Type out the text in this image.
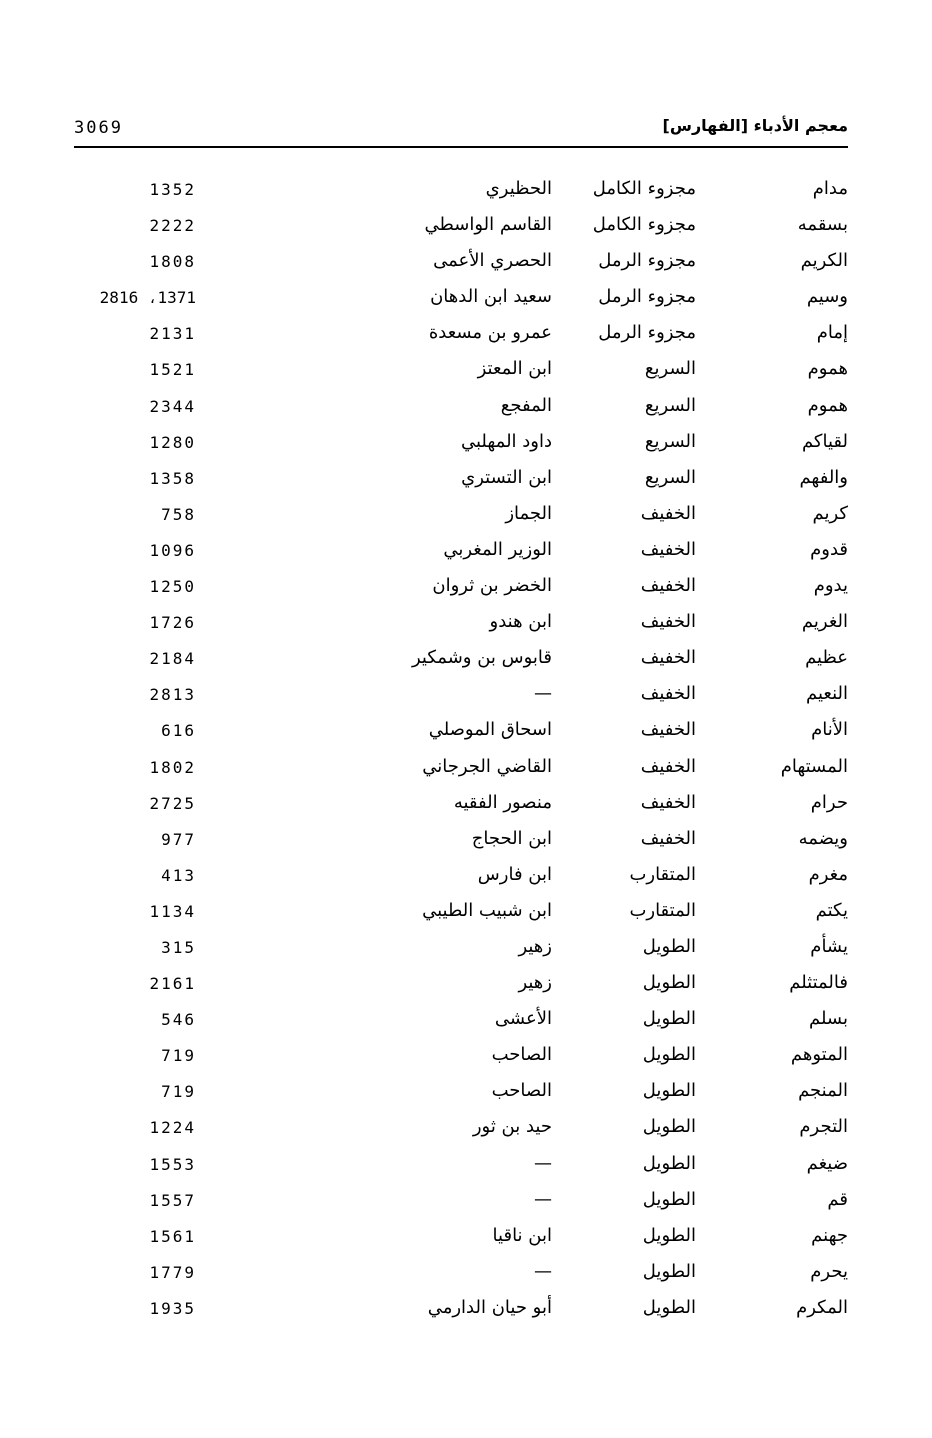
3069	معجم الأدباء [الفهارس]
مدام
مجزوء الكامل
الحظيري
1352
بسقمه
مجزوء الكامل
القاسم الواسطي
2222
الكريم
مجزوء الرمل
الحصري الأعمى
1808
وسيم
مجزوء الرمل
سعيد ابن الدهان
2816 ،1371
إمام
مجزوء الرمل
عمرو بن مسعدة
2131
هموم
السريع
ابن المعتز
1521
هموم
السريع
المفجع
2344
لقياكم
السريع
داود المهلبي
1280
والفهم
السريع
ابن التستري
1358
كريم
الخفيف
الجماز
758
قدوم
الخفيف
الوزير المغربي
1096
يدوم
الخفيف
الخضر بن ثروان
1250
الغريم
الخفيف
ابن هندو
1726
عظيم
الخفيف
قابوس بن وشمكير
2184
النعيم
الخفيف
—
2813
الأنام
الخفيف
اسحاق الموصلي
616
المستهام
الخفيف
القاضي الجرجاني
1802
حرام
الخفيف
منصور الفقيه
2725
ويضمه
الخفيف
ابن الحجاج
977
مغرم
المتقارب
ابن فارس
413
يكتم
المتقارب
ابن شبيب الطيبي
1134
يشأم
الطويل
زهير
315
فالمتثلم
الطويل
زهير
2161
بسلم
الطويل
الأعشى
546
المتوهم
الطويل
الصاحب
719
المنجم
الطويل
الصاحب
719
التجرم
الطويل
حيد بن ثور
1224
ضيغم
الطويل
—
1553
قم
الطويل
—
1557
جهنم
الطويل
ابن ناقيا
1561
يحرم
الطويل
—
1779
المكرم
الطويل
أبو حيان الدارمي
1935
